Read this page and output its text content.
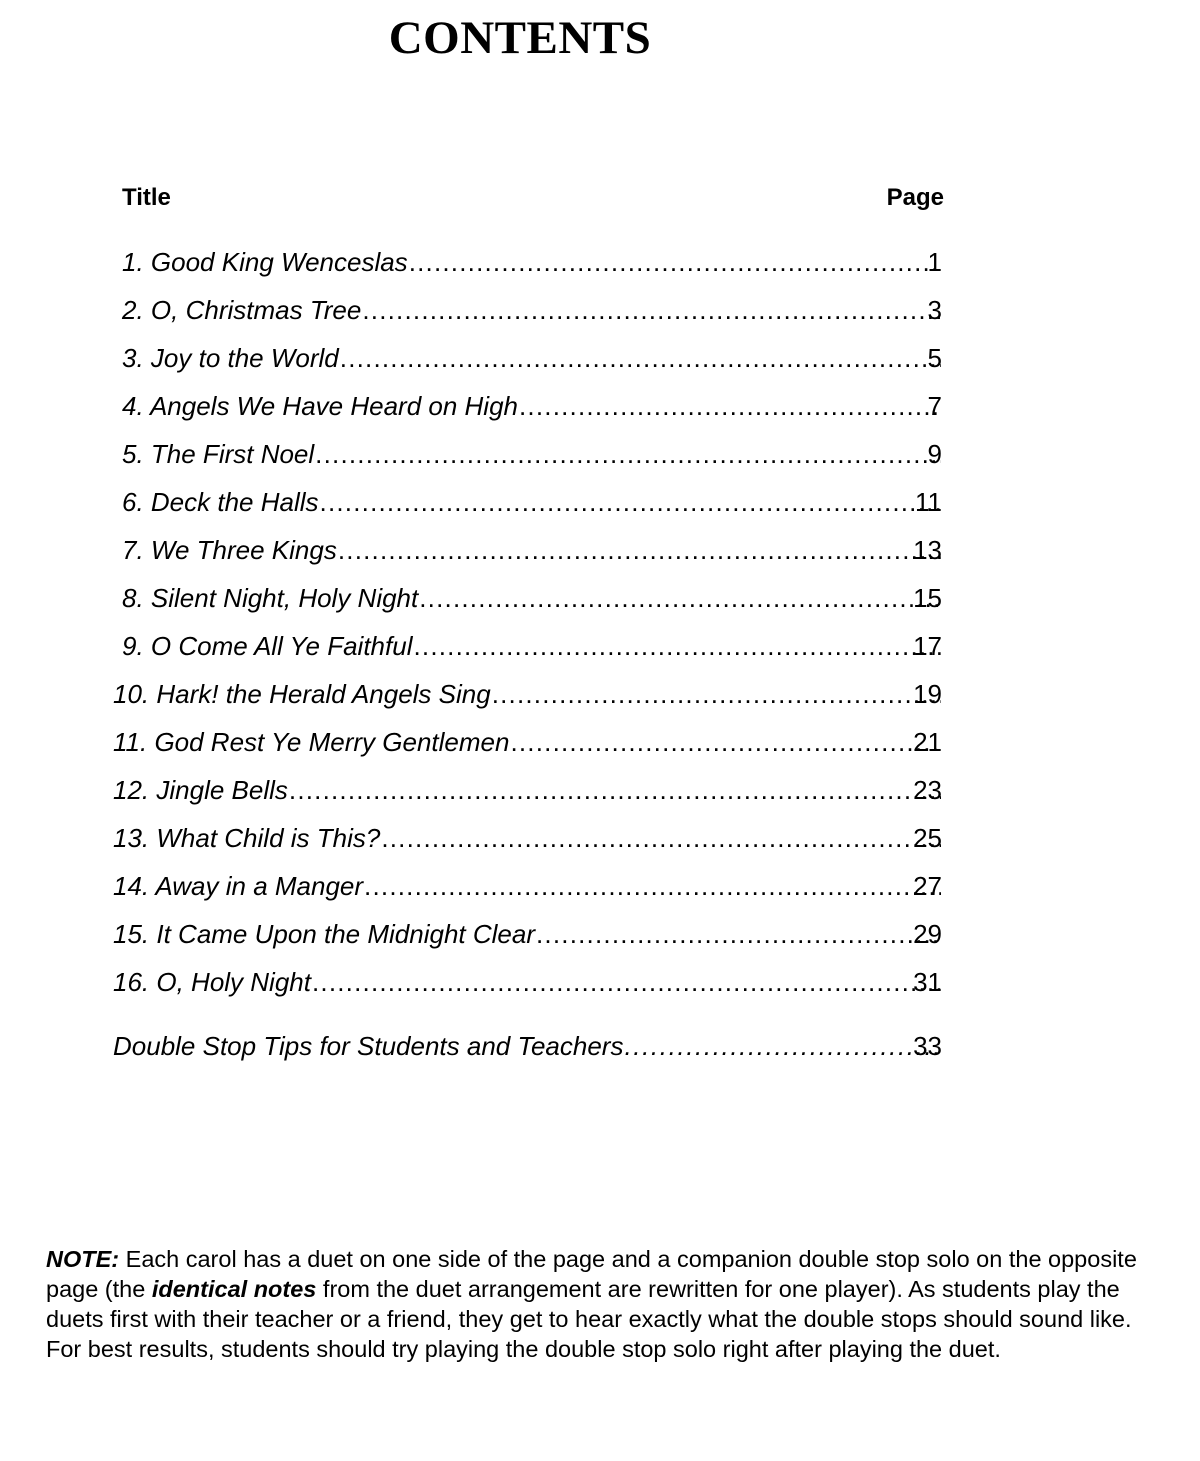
CONTENTS
Title	Page
1. Good King Wenceslas .....	1
2. O, Christmas Tree .....	3
3. Joy to the World .....	5
4. Angels We Have Heard on High .....	7
5. The First Noel .....	9
6. Deck the Halls .....	11
7. We Three Kings .....	13
8. Silent Night, Holy Night .....	15
9. O Come All Ye Faithful .....	17
10. Hark! the Herald Angels Sing .....	19
11. God Rest Ye Merry Gentlemen .....	21
12. Jingle Bells .....	23
13. What Child is This? .....	25
14. Away in a Manger .....	27
15. It Came Upon the Midnight Clear .....	29
16. O, Holy Night .....	31
Double Stop Tips for Students and Teachers .....	33

NOTE: Each carol has a duet on one side of the page and a companion double stop solo on the opposite page (the identical notes from the duet arrangement are rewritten for one player). As students play the duets first with their teacher or a friend, they get to hear exactly what the double stops should sound like. For best results, students should try playing the double stop solo right after playing the duet.
